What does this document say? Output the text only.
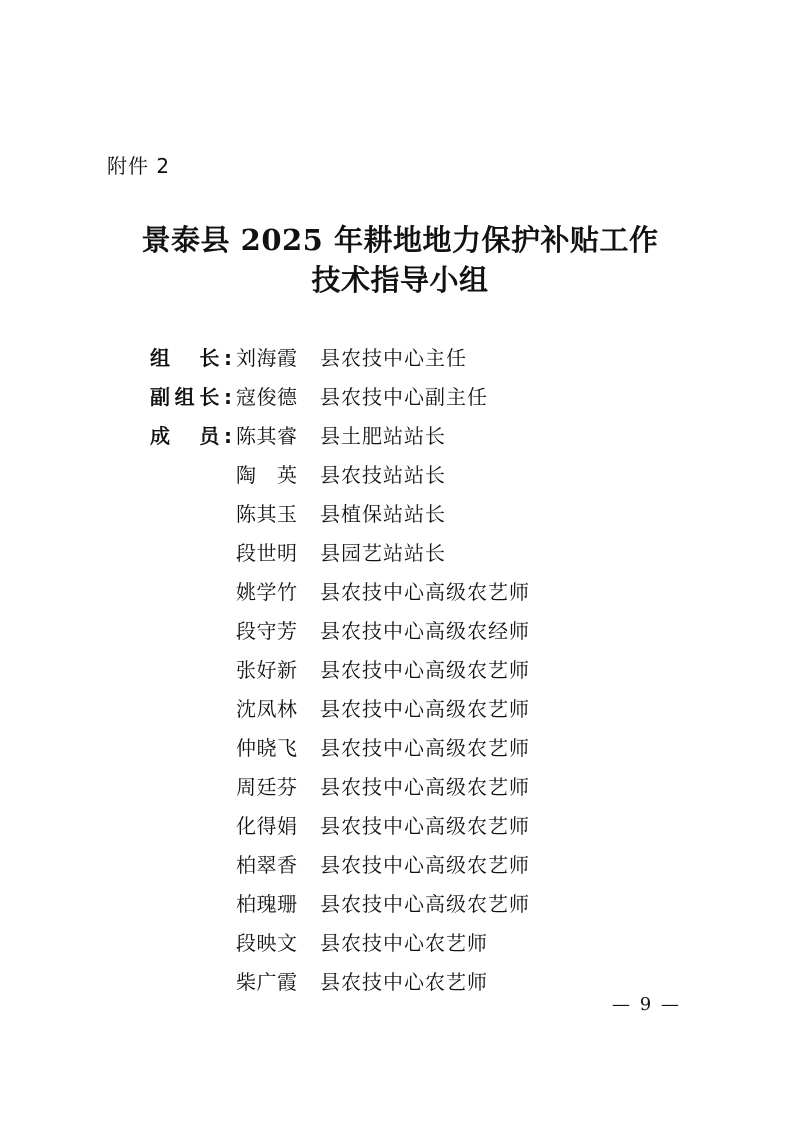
附件 2
景泰县 2025 年耕地地力保护补贴工作
技术指导小组
组　长: 刘海霞 县农技中心主任
副组长: 寇俊德 县农技中心副主任
成　员: 陈其睿 县土肥站站长
陶　英 县农技站站长
陈其玉 县植保站站长
段世明 县园艺站站长
姚学竹 县农技中心高级农艺师
段守芳 县农技中心高级农经师
张好新 县农技中心高级农艺师
沈凤林 县农技中心高级农艺师
仲晓飞 县农技中心高级农艺师
周廷芬 县农技中心高级农艺师
化得娟 县农技中心高级农艺师
柏翠香 县农技中心高级农艺师
柏瑰珊 县农技中心高级农艺师
段映文 县农技中心农艺师
柴广霞 县农技中心农艺师
— 9 —
